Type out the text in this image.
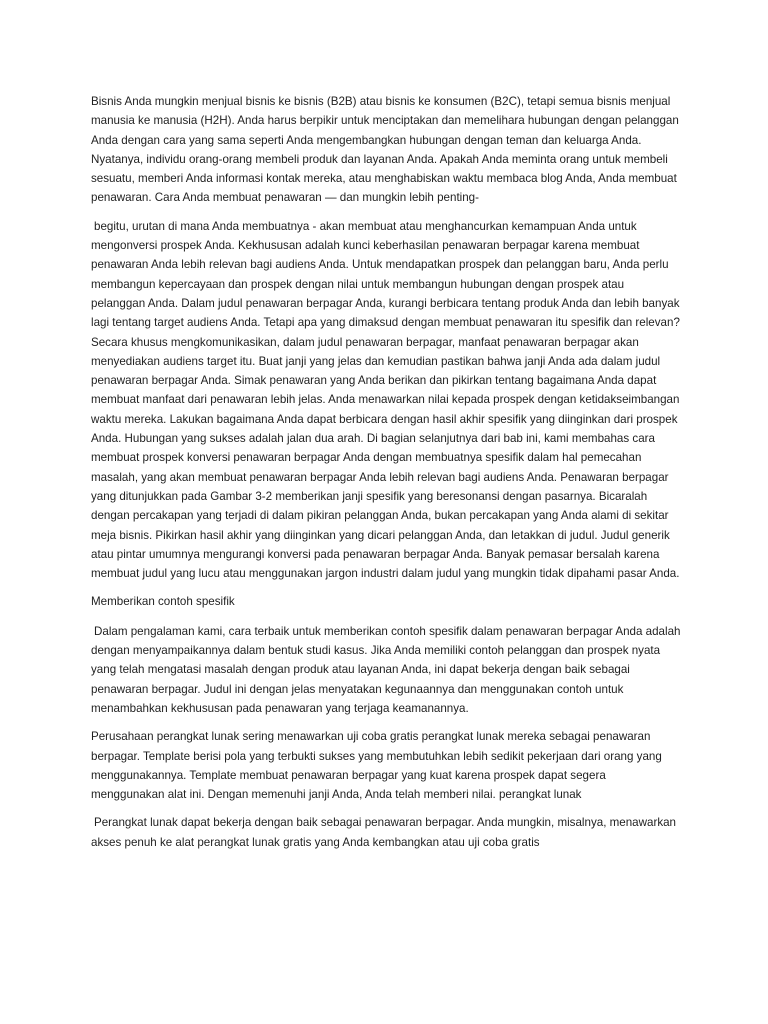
Bisnis Anda mungkin menjual bisnis ke bisnis (B2B) atau bisnis ke konsumen (B2C), tetapi semua bisnis menjual manusia ke manusia (H2H). Anda harus berpikir untuk menciptakan dan memelihara hubungan dengan pelanggan Anda dengan cara yang sama seperti Anda mengembangkan hubungan dengan teman dan keluarga Anda. Nyatanya, individu orang-orang membeli produk dan layanan Anda. Apakah Anda meminta orang untuk membeli sesuatu, memberi Anda informasi kontak mereka, atau menghabiskan waktu membaca blog Anda, Anda membuat penawaran. Cara Anda membuat penawaran — dan mungkin lebih penting-

begitu, urutan di mana Anda membuatnya - akan membuat atau menghancurkan kemampuan Anda untuk mengonversi prospek Anda. Kekhususan adalah kunci keberhasilan penawaran berpagar karena membuat penawaran Anda lebih relevan bagi audiens Anda. Untuk mendapatkan prospek dan pelanggan baru, Anda perlu membangun kepercayaan dan prospek dengan nilai untuk membangun hubungan dengan prospek atau pelanggan Anda. Dalam judul penawaran berpagar Anda, kurangi berbicara tentang produk Anda dan lebih banyak lagi tentang target audiens Anda. Tetapi apa yang dimaksud dengan membuat penawaran itu spesifik dan relevan? Secara khusus mengkomunikasikan, dalam judul penawaran berpagar, manfaat penawaran berpagar akan menyediakan audiens target itu. Buat janji yang jelas dan kemudian pastikan bahwa janji Anda ada dalam judul penawaran berpagar Anda. Simak penawaran yang Anda berikan dan pikirkan tentang bagaimana Anda dapat membuat manfaat dari penawaran lebih jelas. Anda menawarkan nilai kepada prospek dengan ketidakseimbangan waktu mereka. Lakukan bagaimana Anda dapat berbicara dengan hasil akhir spesifik yang diinginkan dari prospek Anda. Hubungan yang sukses adalah jalan dua arah. Di bagian selanjutnya dari bab ini, kami membahas cara membuat prospek konversi penawaran berpagar Anda dengan membuatnya spesifik dalam hal pemecahan masalah, yang akan membuat penawaran berpagar Anda lebih relevan bagi audiens Anda. Penawaran berpagar yang ditunjukkan pada Gambar 3-2 memberikan janji spesifik yang beresonansi dengan pasarnya. Bicaralah dengan percakapan yang terjadi di dalam pikiran pelanggan Anda, bukan percakapan yang Anda alami di sekitar meja bisnis. Pikirkan hasil akhir yang diinginkan yang dicari pelanggan Anda, dan letakkan di judul. Judul generik atau pintar umumnya mengurangi konversi pada penawaran berpagar Anda. Banyak pemasar bersalah karena membuat judul yang lucu atau menggunakan jargon industri dalam judul yang mungkin tidak dipahami pasar Anda.

Memberikan contoh spesifik

Dalam pengalaman kami, cara terbaik untuk memberikan contoh spesifik dalam penawaran berpagar Anda adalah dengan menyampaikannya dalam bentuk studi kasus. Jika Anda memiliki contoh pelanggan dan prospek nyata yang telah mengatasi masalah dengan produk atau layanan Anda, ini dapat bekerja dengan baik sebagai penawaran berpagar. Judul ini dengan jelas menyatakan kegunaannya dan menggunakan contoh untuk menambahkan kekhususan pada penawaran yang terjaga keamanannya.

Perusahaan perangkat lunak sering menawarkan uji coba gratis perangkat lunak mereka sebagai penawaran berpagar. Template berisi pola yang terbukti sukses yang membutuhkan lebih sedikit pekerjaan dari orang yang menggunakannya. Template membuat penawaran berpagar yang kuat karena prospek dapat segera menggunakan alat ini. Dengan memenuhi janji Anda, Anda telah memberi nilai. perangkat lunak

Perangkat lunak dapat bekerja dengan baik sebagai penawaran berpagar. Anda mungkin, misalnya, menawarkan akses penuh ke alat perangkat lunak gratis yang Anda kembangkan atau uji coba gratis
